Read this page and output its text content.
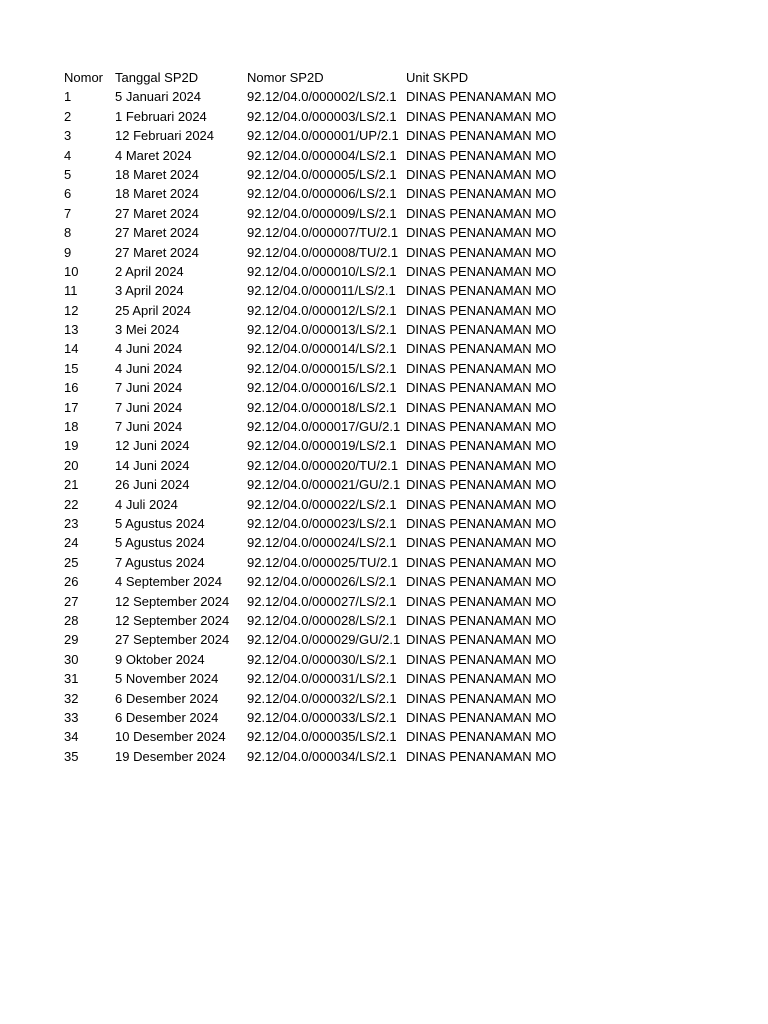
Nomor Tanggal SP2D	Nomor SP2D	Unit SKPD
1	5 Januari 2024	92.12/04.0/000002/LS/2.1 DINAS PENANAMAN MO
2	1 Februari 2024	92.12/04.0/000003/LS/2.1 DINAS PENANAMAN MO
3	12 Februari 2024	92.12/04.0/000001/UP/2.1 DINAS PENANAMAN MO
4	4 Maret 2024	92.12/04.0/000004/LS/2.1 DINAS PENANAMAN MO
5	18 Maret 2024	92.12/04.0/000005/LS/2.1 DINAS PENANAMAN MO
6	18 Maret 2024	92.12/04.0/000006/LS/2.1 DINAS PENANAMAN MO
7	27 Maret 2024	92.12/04.0/000009/LS/2.1 DINAS PENANAMAN MO
8	27 Maret 2024	92.12/04.0/000007/TU/2.1 DINAS PENANAMAN MO
9	27 Maret 2024	92.12/04.0/000008/TU/2.1 DINAS PENANAMAN MO
10	2 April 2024	92.12/04.0/000010/LS/2.1 DINAS PENANAMAN MO
11	3 April 2024	92.12/04.0/000011/LS/2.1 DINAS PENANAMAN MO
12	25 April 2024	92.12/04.0/000012/LS/2.1 DINAS PENANAMAN MO
13	3 Mei 2024	92.12/04.0/000013/LS/2.1 DINAS PENANAMAN MO
14	4 Juni 2024	92.12/04.0/000014/LS/2.1 DINAS PENANAMAN MO
15	4 Juni 2024	92.12/04.0/000015/LS/2.1 DINAS PENANAMAN MO
16	7 Juni 2024	92.12/04.0/000016/LS/2.1 DINAS PENANAMAN MO
17	7 Juni 2024	92.12/04.0/000018/LS/2.1 DINAS PENANAMAN MO
18	7 Juni 2024	92.12/04.0/000017/GU/2.1 DINAS PENANAMAN MO
19	12 Juni 2024	92.12/04.0/000019/LS/2.1 DINAS PENANAMAN MO
20	14 Juni 2024	92.12/04.0/000020/TU/2.1 DINAS PENANAMAN MO
21	26 Juni 2024	92.12/04.0/000021/GU/2.1 DINAS PENANAMAN MO
22	4 Juli 2024	92.12/04.0/000022/LS/2.1 DINAS PENANAMAN MO
23	5 Agustus 2024	92.12/04.0/000023/LS/2.1 DINAS PENANAMAN MO
24	5 Agustus 2024	92.12/04.0/000024/LS/2.1 DINAS PENANAMAN MO
25	7 Agustus 2024	92.12/04.0/000025/TU/2.1 DINAS PENANAMAN MO
26	4 September 2024	92.12/04.0/000026/LS/2.1 DINAS PENANAMAN MO
27	12 September 2024	92.12/04.0/000027/LS/2.1 DINAS PENANAMAN MO
28	12 September 2024	92.12/04.0/000028/LS/2.1 DINAS PENANAMAN MO
29	27 September 2024	92.12/04.0/000029/GU/2.1 DINAS PENANAMAN MO
30	9 Oktober 2024	92.12/04.0/000030/LS/2.1 DINAS PENANAMAN MO
31	5 November 2024	92.12/04.0/000031/LS/2.1 DINAS PENANAMAN MO
32	6 Desember 2024	92.12/04.0/000032/LS/2.1 DINAS PENANAMAN MO
33	6 Desember 2024	92.12/04.0/000033/LS/2.1 DINAS PENANAMAN MO
34	10 Desember 2024	92.12/04.0/000035/LS/2.1 DINAS PENANAMAN MO
35	19 Desember 2024	92.12/04.0/000034/LS/2.1 DINAS PENANAMAN MO
